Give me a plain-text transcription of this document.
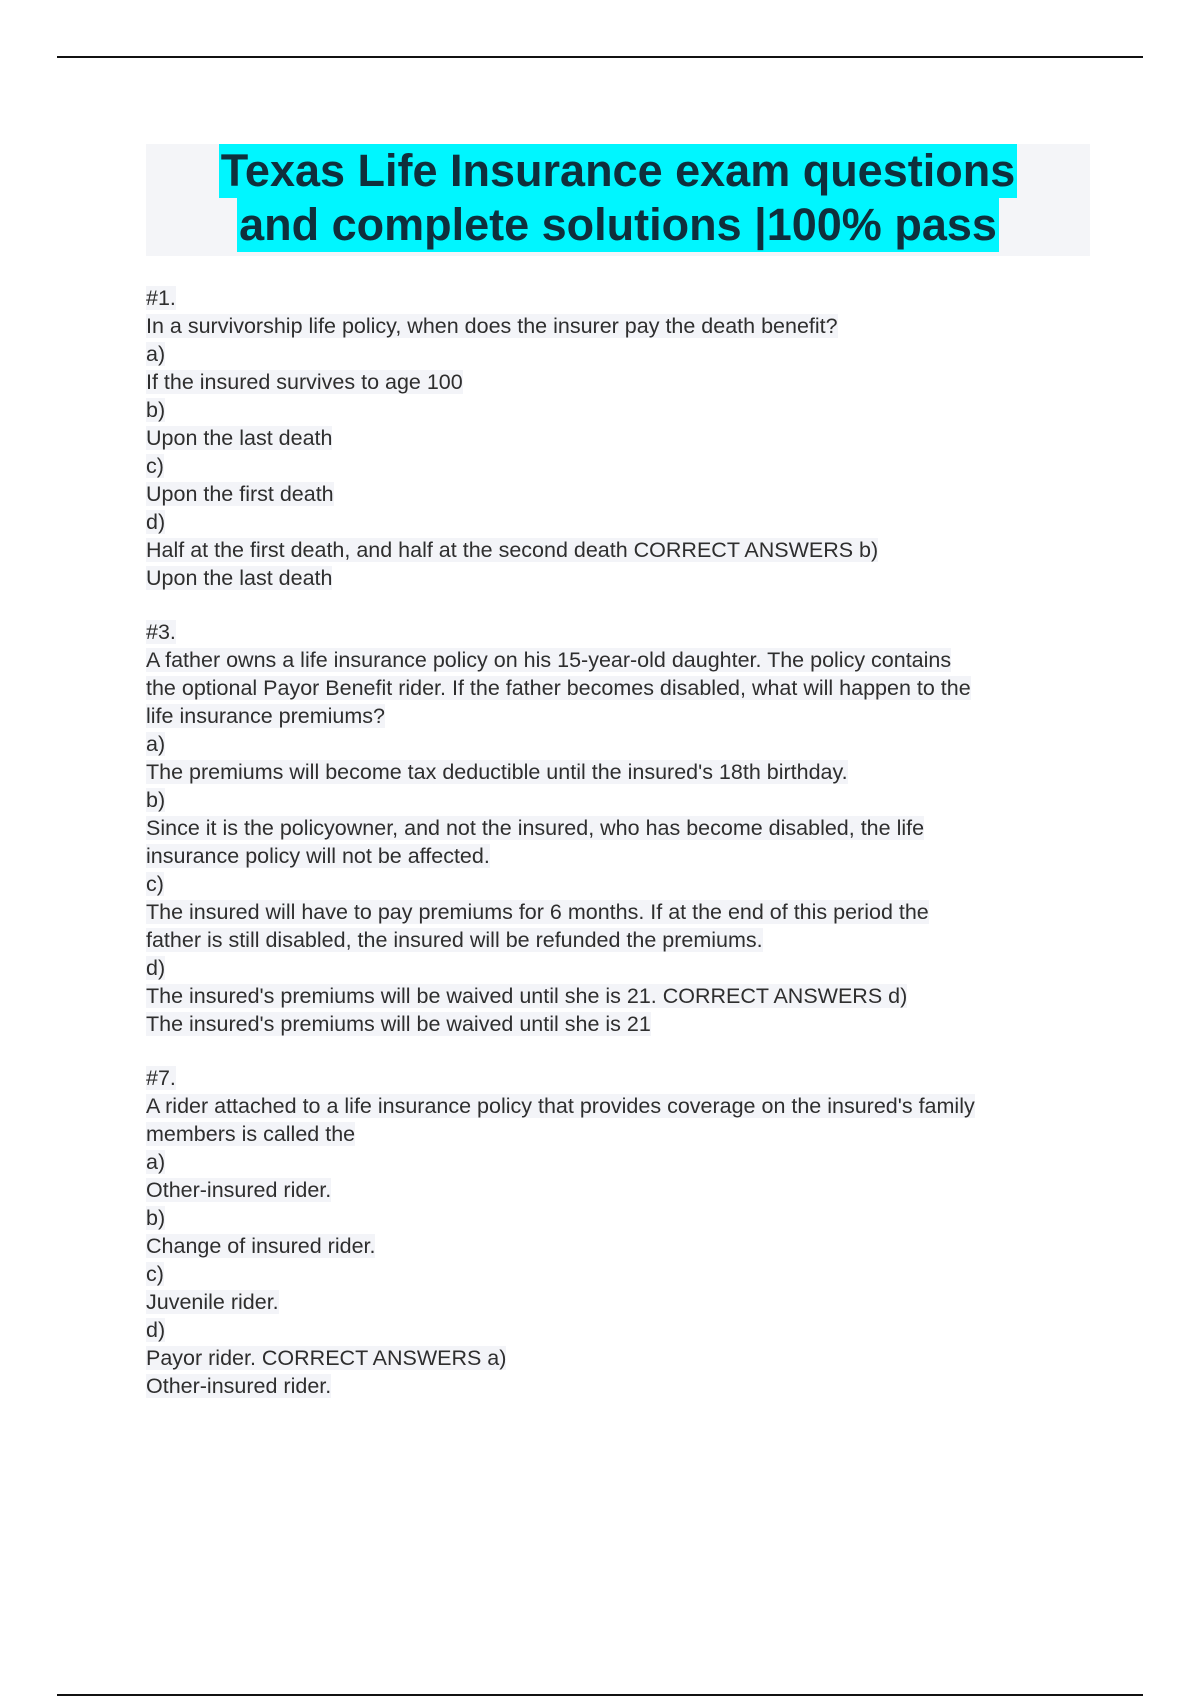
Texas Life Insurance exam questions
and complete solutions |100% pass
#1.
In a survivorship life policy, when does the insurer pay the death benefit?
a)
If the insured survives to age 100
b)
Upon the last death
c)
Upon the first death
d)
Half at the first death, and half at the second death CORRECT ANSWERS b)
Upon the last death
#3.
A father owns a life insurance policy on his 15-year-old daughter. The policy contains
the optional Payor Benefit rider. If the father becomes disabled, what will happen to the
life insurance premiums?
a)
The premiums will become tax deductible until the insured's 18th birthday.
b)
Since it is the policyowner, and not the insured, who has become disabled, the life
insurance policy will not be affected.
c)
The insured will have to pay premiums for 6 months. If at the end of this period the
father is still disabled, the insured will be refunded the premiums.
d)
The insured's premiums will be waived until she is 21. CORRECT ANSWERS d)
The insured's premiums will be waived until she is 21
#7.
A rider attached to a life insurance policy that provides coverage on the insured's family
members is called the
a)
Other-insured rider.
b)
Change of insured rider.
c)
Juvenile rider.
d)
Payor rider. CORRECT ANSWERS a)
Other-insured rider.
